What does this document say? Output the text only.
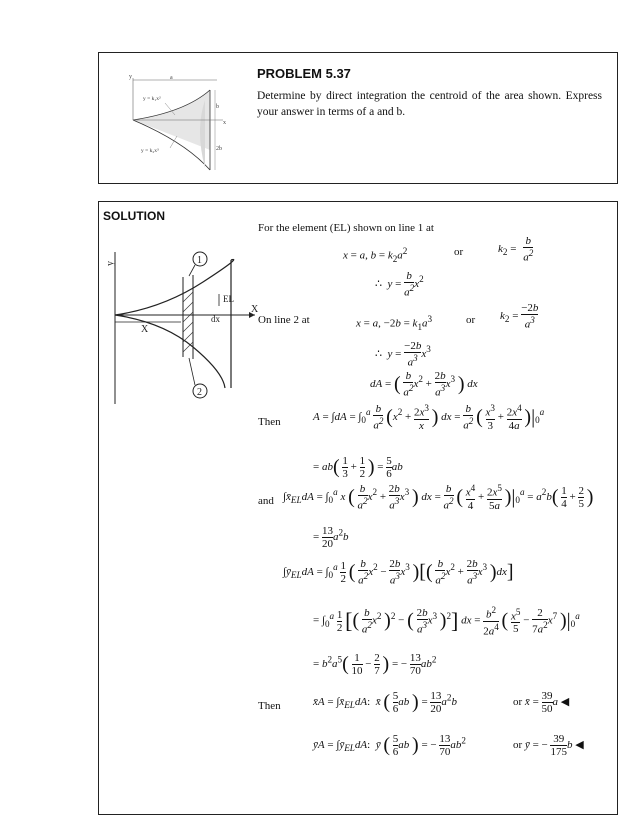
a
y
x
y = k₁x²
y = k₂x³
b
2b
PROBLEM 5.37
Determine by direct integration the centroid of the area shown. Express your answer in terms of a and b.
SOLUTION
y
X
1
2
EL
dx
X
For the element (EL) shown on line 1 at
x = a, $b = k_2a^2$	or	$k_2 = \frac{b}{a^2}$
∴  $y = \frac{b}{a^2} x^2$
On line 2 at	x = a, $-2b = k_1a^3$	or $k_2 = \frac{-2b}{a^3}$
∴  $y = \frac{-2b}{a^3} x^3$
dA = ( $\frac{b}{a^2} x^2 + \frac{2b}{a^3} x^3$ ) dx
Then	$A = \int dA = \int_0^a \frac{b}{a^2} (x^2 + \frac{2x^3}{x}$ ) dx = $\frac{b}{a^2}$ ( $\frac{x^3}{3} + \frac{2x^4}{4a} )|_0^a$
= $ab( \frac{1}{3} + \frac{1}{2}$ ) = $\frac{5}{6}$ ab
and $\int x̄_{EL}dA = \int_0^a$ x ( $\frac{b}{a^2} x^2 + \frac{2b}{a^3} x^3$ ) dx = $\frac{b}{a^2}$ ( $\frac{x^4}{4} + \frac{2x^5}{5a} )|_0^a = a^2b( \frac{1}{4} + \frac{2}{5}$ )
= $\frac{13}{20} a^2b$
$\int ȳ_{EL}dA = \int_0^a \frac{1}{2}$ ( $\frac{b}{a^2} x^2 - \frac{2b}{a^3} x^3$ )[( $\frac{b}{a^2} x^2 + \frac{2b}{a^3} x^3$ )dx]
= $\int_0^a \frac{1}{2}$ [( $\frac{b}{a^2} x^2$ )$^2$ − ( $\frac{2b}{a^3} x^3$ )$^2$] dx = $\frac{b^2}{2a^4}$ ( $\frac{x^5}{5} - \frac{2}{7a^2} x^7$ )$|_0^a$
= $b^2a^5( \frac{1}{10} - \frac{2}{7}$ ) = − $\frac{13}{70} ab^2$
Then	x̄A = $\int x̄_{EL}dA$:  x̄ ( $\frac{5}{6}$ ab ) = $\frac{13}{20} a^2b$	or x̄ = $\frac{39}{50}$ a ◀
ȳA = $\int ȳ_{EL}dA$:  ȳ ( $\frac{5}{6}$ ab ) = − $\frac{13}{70} ab^2$	or ȳ = − $\frac{39}{175}$ b ◀
